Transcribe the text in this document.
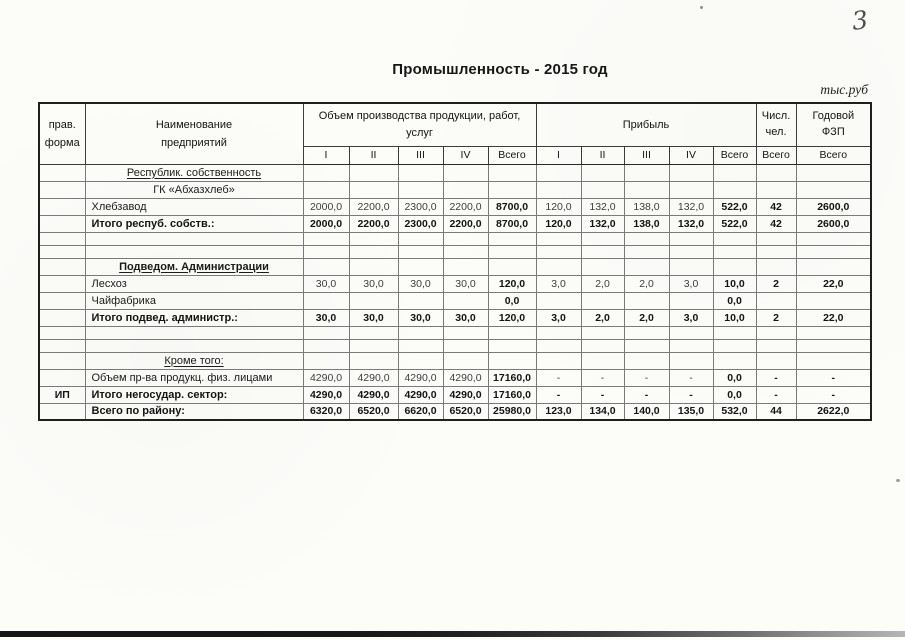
3
Промышленность - 2015 год
тыс.руб
прав.
форма

Наименование
предприятий
	Объем производства продукции, работ, услуг	Прибыль	
Числ.
чел.

Годовой
ФЗП

		I	II	III	IV	Всего	I	II	III	IV	Всего	Всего	Всего
	Республик. собственность												
	ГК «Абхазхлеб»												
	Хлебзавод	2000,0	2200,0	2300,0	2200,0	8700,0	120,0	132,0	138,0	132,0	522,0	42	2600,0
	Итого респуб. собств.:	2000,0	2200,0	2300,0	2200,0	8700,0	120,0	132,0	138,0	132,0	522,0	42	2600,0

	Подведом. Администрации												
	Лесхоз	30,0	30,0	30,0	30,0	120,0	3,0	2,0	2,0	3,0	10,0	2	22,0
	Чайфабрика					0,0					0,0		
	Итого подвед. администр.:	30,0	30,0	30,0	30,0	120,0	3,0	2,0	2,0	3,0	10,0	2	22,0

	Кроме того:												
	Объем пр-ва продукц. физ. лицами	4290,0	4290,0	4290,0	4290,0	17160,0	-	-	-	-	0,0	-	-
ИП	Итого негосудар. сектор:	4290,0	4290,0	4290,0	4290,0	17160,0	-	-	-	-	0,0	-	-
	Всего по району:	6320,0	6520,0	6620,0	6520,0	25980,0	123,0	134,0	140,0	135,0	532,0	44	2622,0
